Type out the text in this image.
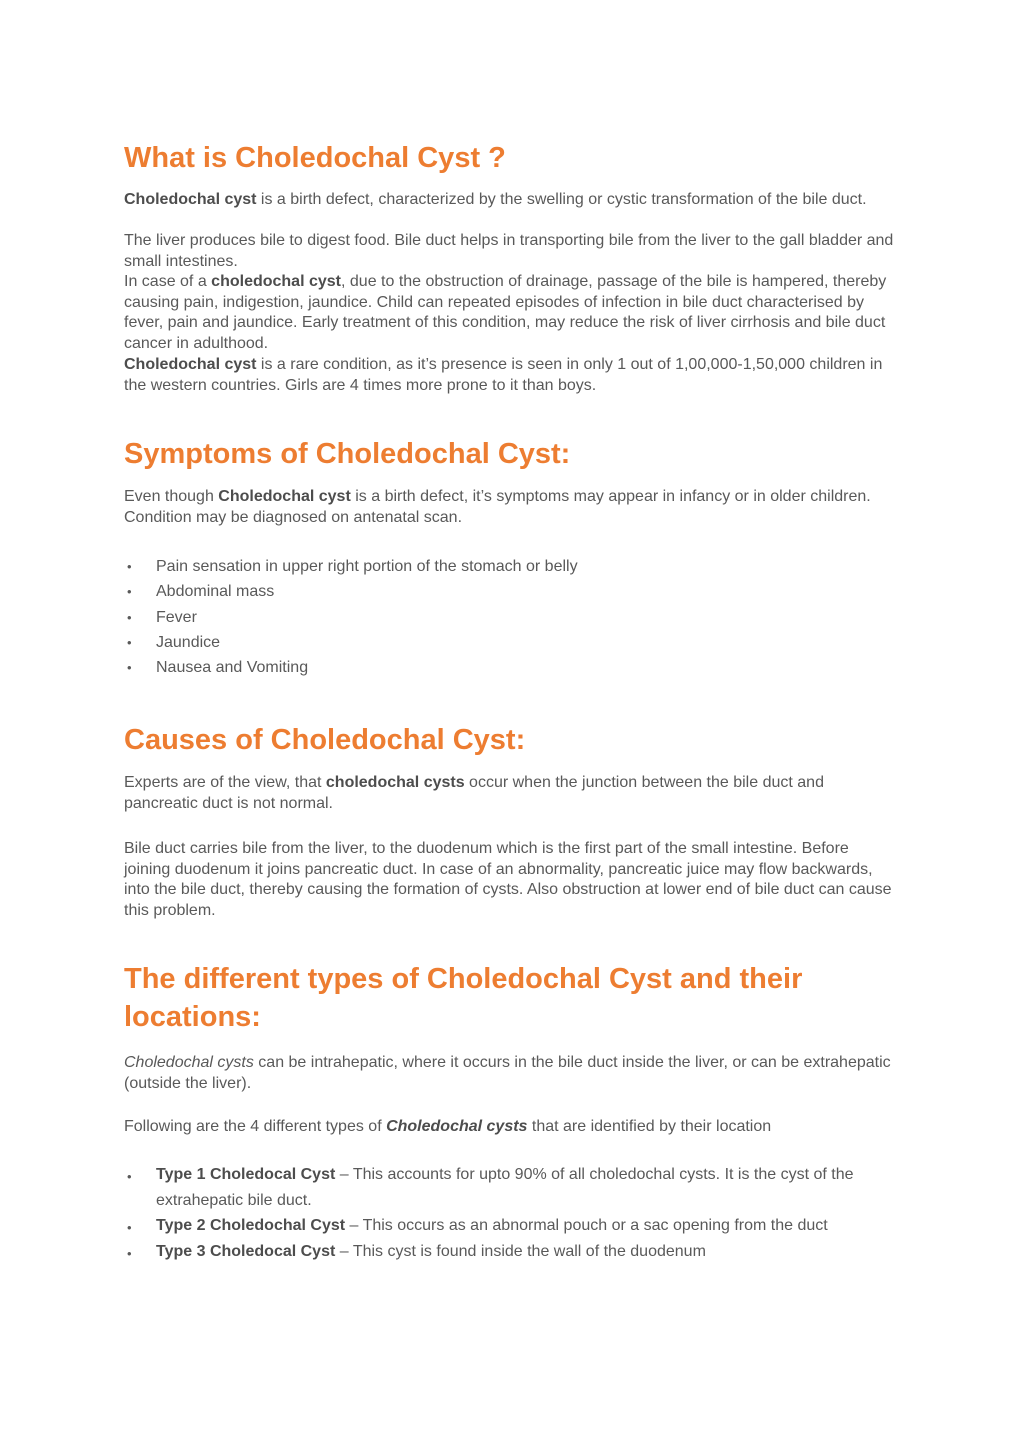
What is Choledochal Cyst ?

Choledochal cyst is a birth defect, characterized by the swelling or cystic transformation of the bile duct.

The liver produces bile to digest food. Bile duct helps in transporting bile from the liver to the gall bladder and small intestines.

In case of a choledochal cyst, due to the obstruction of drainage, passage of the bile is hampered, thereby causing pain, indigestion, jaundice. Child can repeated episodes of infection in bile duct characterised by fever, pain and jaundice. Early treatment of this condition, may reduce the risk of liver cirrhosis and bile duct cancer in adulthood.

Choledochal cyst is a rare condition, as it’s presence is seen in only 1 out of 1,00,000-1,50,000 children in the western countries. Girls are 4 times more prone to it than boys.

Symptoms of Choledochal Cyst:

Even though Choledochal cyst is a birth defect, it’s symptoms may appear in infancy or in older children. Condition may be diagnosed on antenatal scan.

• Pain sensation in upper right portion of the stomach or belly
• Abdominal mass
• Fever
• Jaundice
• Nausea and Vomiting
Causes of Choledochal Cyst:

Experts are of the view, that choledochal cysts occur when the junction between the bile duct and pancreatic duct is not normal.

Bile duct carries bile from the liver, to the duodenum which is the first part of the small intestine. Before joining duodenum it joins pancreatic duct. In case of an abnormality, pancreatic juice may flow backwards, into the bile duct, thereby causing the formation of cysts. Also obstruction at lower end of bile duct can cause this problem.

The different types of Choledochal Cyst and their locations:

Choledochal cysts can be intrahepatic, where it occurs in the bile duct inside the liver, or can be extrahepatic (outside the liver).

Following are the 4 different types of Choledochal cysts that are identified by their location

• Type 1 Choledocal Cyst – This accounts for upto 90% of all choledochal cysts. It is the cyst of the extrahepatic bile duct.
• Type 2 Choledochal Cyst – This occurs as an abnormal pouch or a sac opening from the duct
• Type 3 Choledocal Cyst – This cyst is found inside the wall of the duodenum
